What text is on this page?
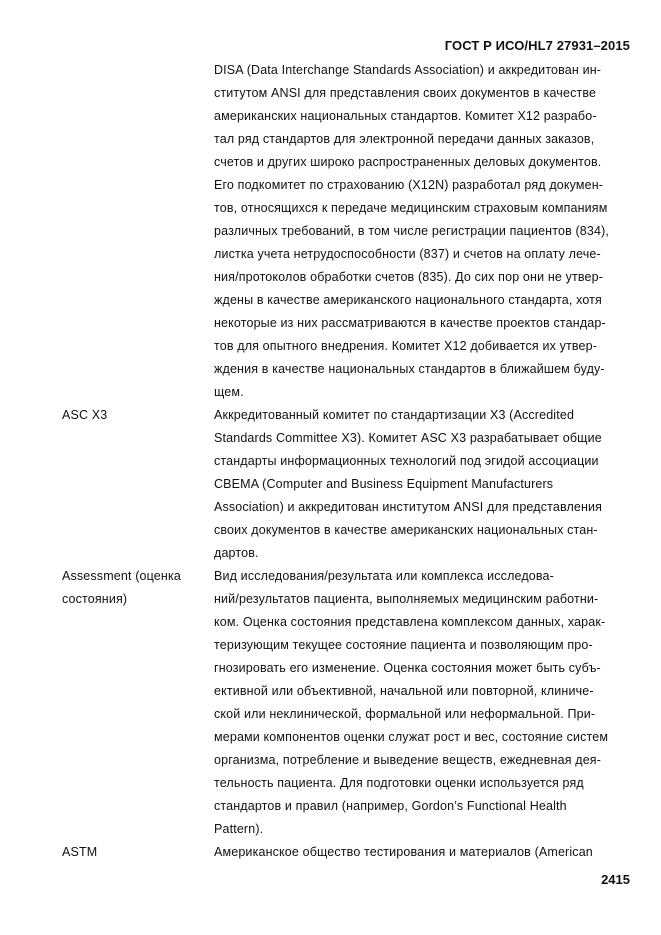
ГОСТ Р ИСО/HL7 27931–2015
DISA (Data Interchange Standards Association) и аккредитован ин-
ститутом ANSI для представления своих документов в качестве
американских национальных стандартов. Комитет X12 разрабо-
тал ряд стандартов для электронной передачи данных заказов,
счетов и других широко распространенных деловых документов.
Его подкомитет по страхованию (X12N) разработал ряд докумен-
тов, относящихся к передаче медицинским страховым компаниям
различных требований, в том числе регистрации пациентов (834),
листка учета нетрудоспособности (837) и счетов на оплату лече-
ния/протоколов обработки счетов (835). До сих пор они не утвер-
ждены в качестве американского национального стандарта, хотя
некоторые из них рассматриваются в качестве проектов стандар-
тов для опытного внедрения. Комитет X12 добивается их утвер-
ждения в качестве национальных стандартов в ближайшем буду-
щем.
ASC X3	Аккредитованный комитет по стандартизации X3 (Accredited
Standards Committee X3). Комитет ASC X3 разрабатывает общие
стандарты информационных технологий под эгидой ассоциации
CBEMA (Computer and Business Equipment Manufacturers
Association) и аккредитован институтом ANSI для представления
своих документов в качестве американских национальных стан-
дартов.
Assessment (оценка
состояния)
Вид исследования/результата или комплекса исследова-
ний/результатов пациента, выполняемых медицинским работни-
ком. Оценка состояния представлена комплексом данных, харак-
теризующим текущее состояние пациента и позволяющим про-
гнозировать его изменение. Оценка состояния может быть субъ-
ективной или объективной, начальной или повторной, клиниче-
ской или неклинической, формальной или неформальной. При-
мерами компонентов оценки служат рост и вес, состояние систем
организма, потребление и выведение веществ, ежедневная дея-
тельность пациента. Для подготовки оценки используется ряд
стандартов и правил (например, Gordon’s Functional Health
Pattern).
ASTM	Американское общество тестирования и материалов (American
2415
